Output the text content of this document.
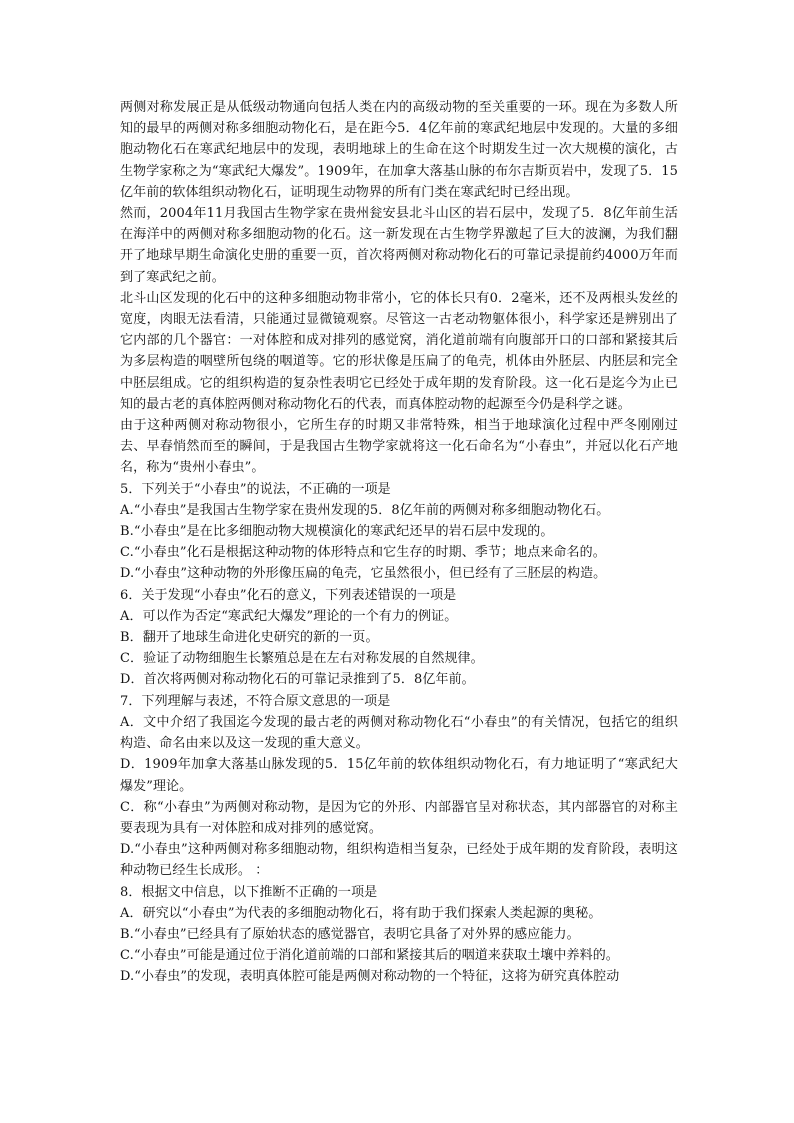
两侧对称发展正是从低级动物通向包括人类在内的高级动物的至关重要的一环。现在为多数人所知的最早的两侧对称多细胞动物化石，是在距今5．4亿年前的寒武纪地层中发现的。大量的多细胞动物化石在寒武纪地层中的发现，表明地球上的生命在这个时期发生过一次大规模的演化，古生物学家称之为“寒武纪大爆发”。1909年，在加拿大落基山脉的布尔吉斯页岩中，发现了5．15亿年前的软体组织动物化石，证明现生动物界的所有门类在寒武纪时已经出现。

然而，2004年11月我国古生物学家在贵州瓮安县北斗山区的岩石层中，发现了5．8亿年前生活在海洋中的两侧对称多细胞动物的化石。这一新发现在古生物学界激起了巨大的波澜，为我们翻开了地球早期生命演化史册的重要一页，首次将两侧对称动物化石的可靠记录提前约4000万年而到了寒武纪之前。

北斗山区发现的化石中的这种多细胞动物非常小，它的体长只有0．2毫米，还不及两根头发丝的宽度，肉眼无法看清，只能通过显微镜观察。尽管这一古老动物躯体很小，科学家还是辨别出了它内部的几个器官：一对体腔和成对排列的感觉窝，消化道前端有向腹部开口的口部和紧接其后为多层构造的咽壁所包绕的咽道等。它的形状像是压扁了的龟壳，机体由外胚层、内胚层和完全中胚层组成。它的组织构造的复杂性表明它已经处于成年期的发育阶段。这一化石是迄今为止已知的最古老的真体腔两侧对称动物化石的代表，而真体腔动物的起源至今仍是科学之谜。

由于这种两侧对称动物很小，它所生存的时期又非常特殊，相当于地球演化过程中严冬刚刚过去、早春悄然而至的瞬间，于是我国古生物学家就将这一化石命名为“小春虫”，并冠以化石产地名，称为“贵州小春虫”。

5．下列关于“小春虫”的说法，不正确的一项是

A.“小春虫”是我国古生物学家在贵州发现的5．8亿年前的两侧对称多细胞动物化石。

B.“小春虫”是在比多细胞动物大规模演化的寒武纪还早的岩石层中发现的。

C.“小春虫”化石是根据这种动物的体形特点和它生存的时期、季节；地点来命名的。

D.“小春虫”这种动物的外形像压扁的龟壳，它虽然很小，但已经有了三胚层的构造。

6．关于发现“小春虫”化石的意义，下列表述错误的一项是

A．可以作为否定“寒武纪大爆发”理论的一个有力的例证。

B．翻开了地球生命进化史研究的新的一页。

C．验证了动物细胞生长繁殖总是在左右对称发展的自然规律。

D．首次将两侧对称动物化石的可靠记录推到了5．8亿年前。

7．下列理解与表述，不符合原文意思的一项是

A．文中介绍了我国迄今发现的最古老的两侧对称动物化石“小春虫”的有关情况，包括它的组织构造、命名由来以及这一发现的重大意义。

D．1909年加拿大落基山脉发现的5．15亿年前的软体组织动物化石，有力地证明了“寒武纪大爆发”理论。

C．称“小春虫”为两侧对称动物，是因为它的外形、内部器官呈对称状态，其内部器官的对称主要表现为具有一对体腔和成对排列的感觉窝。

D.“小春虫”这种两侧对称多细胞动物，组织构造相当复杂，已经处于成年期的发育阶段，表明这种动物已经生长成形。 ：

8．根据文中信息，以下推断不正确的一项是

A．研究以“小春虫”为代表的多细胞动物化石，将有助于我们探索人类起源的奥秘。

B.“小春虫”已经具有了原始状态的感觉器官，表明它具备了对外界的感应能力。

C.“小春虫”可能是通过位于消化道前端的口部和紧接其后的咽道来获取土壤中养料的。

D.“小春虫”的发现，表明真体腔可能是两侧对称动物的一个特征，这将为研究真体腔动
